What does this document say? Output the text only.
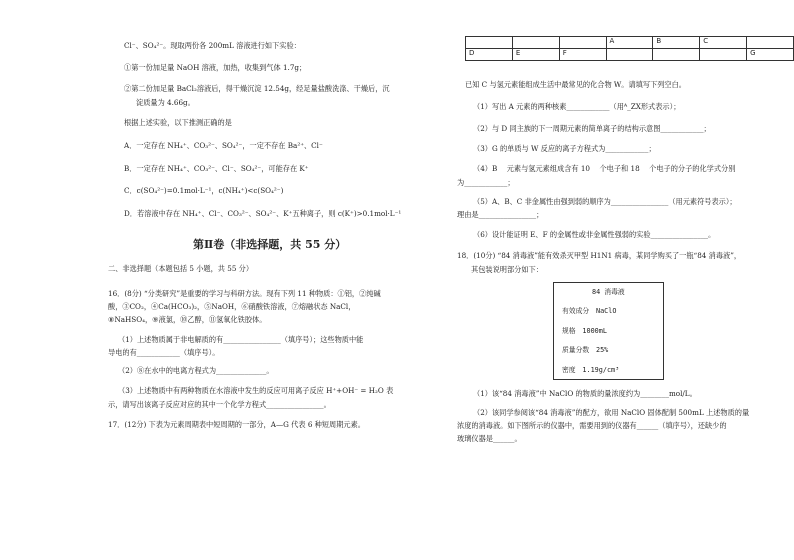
Cl⁻、SO₄²⁻。现取两份各 200mL 溶液进行如下实验：
①第一份加足量 NaOH 溶液，加热，收集到气体 1.7g；
②第二份加足量 BaCl₂溶液后，得干燥沉淀 12.54g，经足量盐酸洗涤、干燥后，沉
淀质量为 4.66g。
根据上述实验，以下推测正确的是
A．一定存在 NH₄⁺、CO₃²⁻、SO₄²⁻，一定不存在 Ba²⁺、Cl⁻
B．一定存在 NH₄⁺、CO₃²⁻、Cl⁻、SO₄²⁻，可能存在 K⁺
C．c(SO₄²⁻)=0.1mol·L⁻¹，c(NH₄⁺)<c(SO₄²⁻)
D．若溶液中存在 NH₄⁺、Cl⁻、CO₃²⁻、SO₄²⁻、K⁺五种离子，则 c(K⁺)>0.1mol·L⁻¹
第Ⅱ卷（非选择题，共 55 分）
二、非选择题（本题包括 5 小题，共 55 分）
16．(8分) “分类研究”是重要的学习与科研方法。现有下列 11 种物质：①铝，②纯碱
酸，③CO₂，④Ca(HCO₃)₂，⑤NaOH，⑥硝酸铁溶液，⑦熔融状态 NaCl，
⑧NaHSO₄，⑨液氯，⑩乙醇，⑪氢氧化铁胶体。
（1）上述物质属于非电解质的有________________（填序号）；这些物质中能
导电的有____________（填序号）。
（2）⑧在水中的电离方程式为______________。
（3）上述物质中有两种物质在水溶液中发生的反应可用离子反应 H⁺+OH⁻ = H₂O 表
示，请写出该离子反应对应的其中一个化学方程式________________。
17．(12分) 下表为元素周期表中短周期的一部分，A—G 代表 6 种短周期元素。
			A	B	C	
D	E	F				G
已知 C 与氢元素能组成生活中最常见的化合物 W。请填写下列空白。
（1）写出 A 元素的两种核素____________（用ᴬ_ZX形式表示）；
（2）与 D 同主族的下一周期元素的简单离子的结构示意图____________；
（3）G 的单质与 W 反应的离子方程式为____________；
（4）B　 元素与氢元素组成含有 10　 个电子和 18　 个电子的分子的化学式分别
为____________；
（5）A、B、C 非金属性由强到弱的顺序为________________（用元素符号表示）；
理由是________________；
（6）设计能证明 E、F 的金属性或非金属性强弱的实验________________。
18．(10分) “84 消毒液”能有效杀灭甲型 H1N1 病毒，某同学购买了一瓶“84 消毒液”，
其包装说明部分如下：
84 消毒液
有效成分　NaClO
规格　1000mL
质量分数　25%
密度　1.19g/cm³
（1）该“84 消毒液”中 NaClO 的物质的量浓度约为________mol/L。
（2）该同学参阅该“84 消毒液”的配方，欲用 NaClO 固体配制 500mL 上述物质的量
浓度的消毒液。如下图所示的仪器中，需要用到的仪器有______（填序号），还缺少的
玻璃仪器是______。
